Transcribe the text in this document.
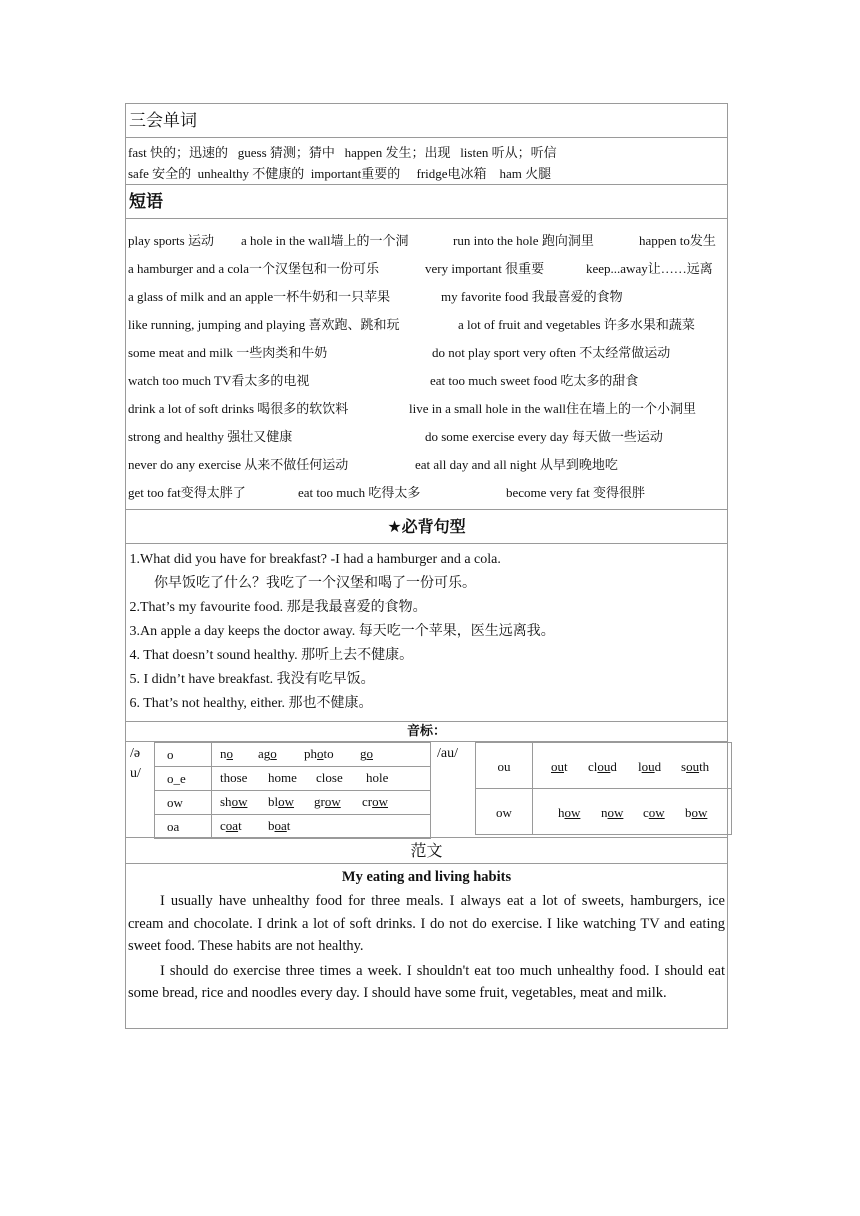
三会单词
fast 快的；迅速的   guess 猜测；猜中   happen 发生；出现   listen 听从；听信
safe 安全的  unhealthy 不健康的  important重要的     fridge电冰箱    ham 火腿
短语
play sports 运动 a hole in the wall墙上的一个洞	run into the hole 跑向洞里	happen to发生
a hamburger and a cola一个汉堡包和一份可乐	very important 很重要	keep...away让……远离
a glass of milk and an apple一杯牛奶和一只苹果	my favorite food 我最喜爱的食物
like running, jumping and playing 喜欢跑、跳和玩	a lot of fruit and vegetables 许多水果和蔬菜
some meat and milk 一些肉类和牛奶	do not play sport very often 不太经常做运动
watch too much TV看太多的电视	eat too much sweet food 吃太多的甜食
drink a lot of soft drinks 喝很多的软饮料	live in a small hole in the wall住在墙上的一个小洞里
strong and healthy 强壮又健康	do some exercise every day 每天做一些运动
never do any exercise 从来不做任何运动	eat all day and all night 从早到晚地吃
get too fat变得太胖了	eat too much 吃得太多	become very fat 变得很胖
★必背句型
1.What did you have for breakfast? -I had a hamburger and a cola.
你早饭吃了什么？我吃了一个汉堡和喝了一份可乐。
2.That’s my favourite food. 那是我最喜爱的食物。
3.An apple a day keeps the doctor away. 每天吃一个苹果，医生远离我。
4. That doesn’t sound healthy. 那听上去不健康。
5. I didn’t have breakfast. 我没有吃早饭。
6. That’s not healthy, either. 那也不健康。
音标：
/ə
u/
/au/
o	no ago photo go
o_e	those home close hole
ow	show blow grow crow
oa	coat boat
ou	out cloud loud south
ow	how now cow bow
范文
My eating and living habits

I usually have unhealthy food for three meals. I always eat a lot of sweets, hamburgers, ice cream and chocolate. I drink a lot of soft drinks. I do not do exercise. I like watching TV and eating sweet food. These habits are not healthy.

I should do exercise three times a week. I shouldn't eat too much unhealthy food. I should eat some bread, rice and noodles every day. I should have some fruit, vegetables, meat and milk.
